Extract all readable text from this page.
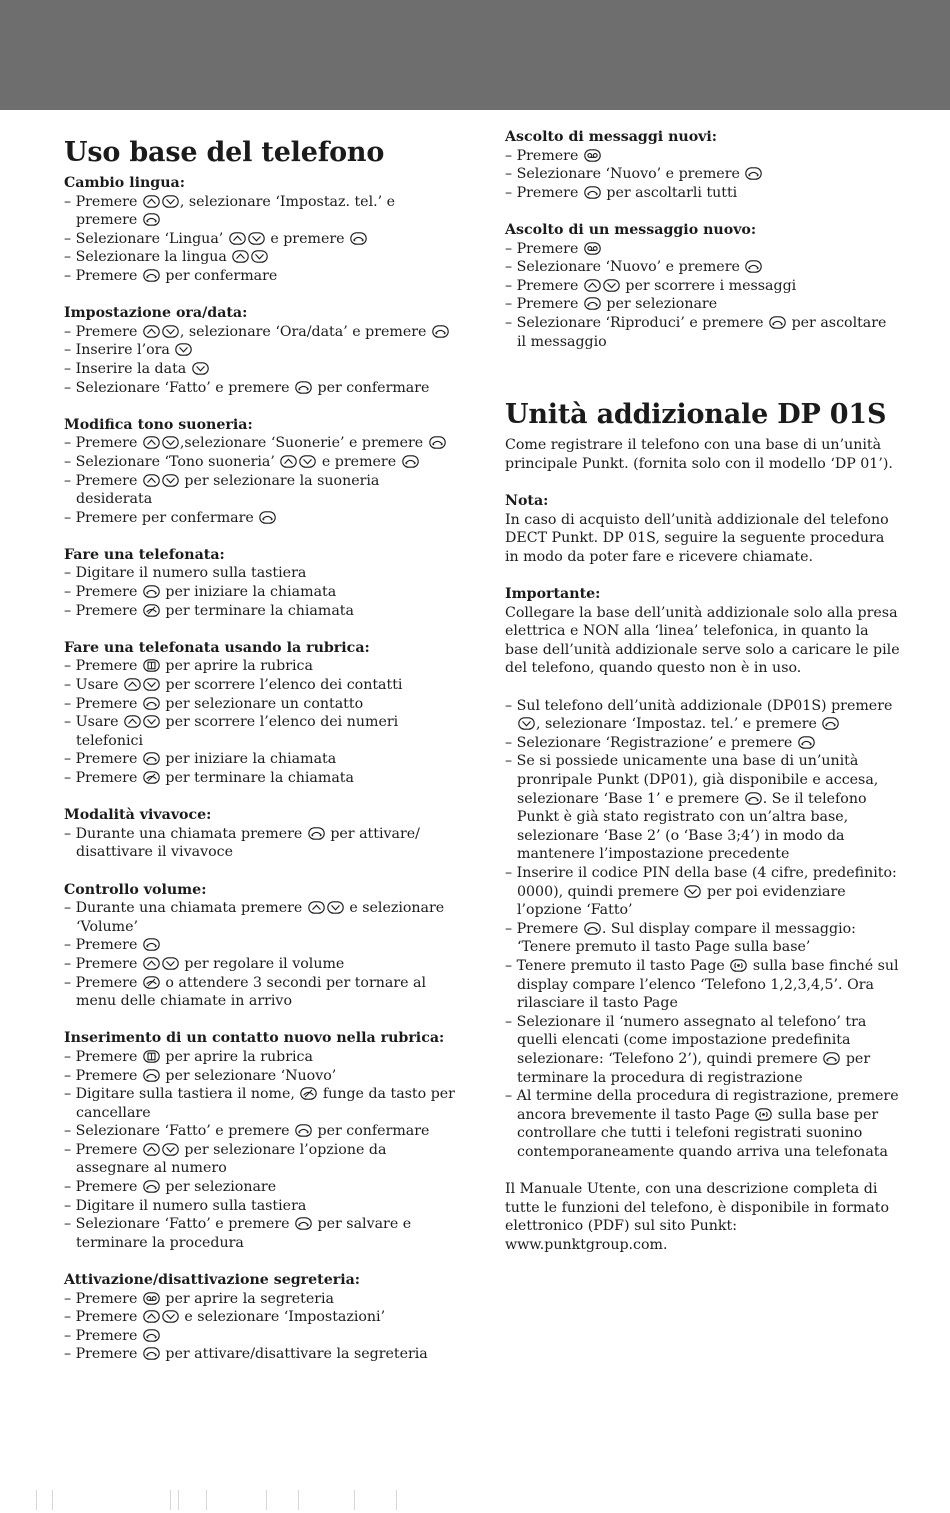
Uso base del telefono

Cambio lingua:

– Premere	, selezionare ‘Impostaz. tel.’ e premere
– Selezionare ‘Lingua’	e premere
– Selezionare la lingua
– Premere
per confermare

Impostazione ora/data:

– Premere	, selezionare ‘Ora/data’ e premere
– Inserire l’ora
– Inserire la data
– Selezionare ‘Fatto’ e premere
per confermare

Modifica tono suoneria:

– Premere	,selezionare ‘Suonerie’ e premere
– Selezionare ‘Tono suoneria’	e premere
– Premere	per selezionare la suoneria desiderata
– Premere per confermare

Fare una telefonata:

– Digitare il numero sulla tastiera
– Premere
per iniziare la chiamata
– Premere
per terminare la chiamata

Fare una telefonata usando la rubrica:

– Premere
per aprire la rubrica
– Usare	per scorrere l’elenco dei contatti
– Premere
per selezionare un contatto
– Usare	per scorrere l’elenco dei numeri telefonici
– Premere
per iniziare la chiamata
– Premere
per terminare la chiamata

Modalità vivavoce:

– Durante una chiamata premere
per attivare/ disattivare il vivavoce

Controllo volume:

– Durante una chiamata premere	e selezionare ‘Volume’
– Premere
– Premere	per regolare il volume
– Premere
o attendere 3 secondi per tornare al menu delle chiamate in arrivo

Inserimento di un contatto nuovo nella rubrica:

– Premere
per aprire la rubrica
– Premere
per selezionare ‘Nuovo’
– Digitare sulla tastiera il nome,
funge da tasto per cancellare
– Selezionare ‘Fatto’ e premere
per confermare
– Premere	per selezionare l’opzione da assegnare al numero
– Premere
per selezionare
– Digitare il numero sulla tastiera
– Selezionare ‘Fatto’ e premere
per salvare e terminare la procedura

Attivazione/disattivazione segreteria:

– Premere
per aprire la segreteria
– Premere	e selezionare ‘Impostazioni’
– Premere
– Premere
per attivare/disattivare la segreteria

Ascolto di messaggi nuovi:

– Premere
– Selezionare ‘Nuovo’ e premere
– Premere
per ascoltarli tutti

Ascolto di un messaggio nuovo:

– Premere
– Selezionare ‘Nuovo’ e premere
– Premere	per scorrere i messaggi
– Premere
per selezionare
– Selezionare ‘Riproduci’ e premere
per ascoltare il messaggio
Unità addizionale DP 01S

Come registrare il telefono con una base di un’unità principale Punkt. (fornita solo con il modello ‘DP 01’).

Nota:

In caso di acquisto dell’unità addizionale del telefono DECT Punkt. DP 01S, seguire la seguente procedura in modo da poter fare e ricevere chiamate.

Importante:

Collegare la base dell’unità addizionale solo alla presa elettrica e NON alla ‘linea’ telefonica, in quanto la base dell’unità addizionale serve solo a caricare le pile del telefono, quando questo non è in uso.

– Sul telefono dell’unità addizionale (DP01S) premere
, selezionare ‘Impostaz. tel.’ e premere
– Selezionare ‘Registrazione’ e premere
– Se si possiede unicamente una base di un’unità pronripale Punkt (DP01), già disponibile e accesa, selezionare ‘Base 1’ e premere
. Se il telefono Punkt è già stato registrato con un’altra base, selezionare ‘Base 2’ (o ‘Base 3;4’) in modo da mantenere l’impostazione precedente
– Inserire il codice PIN della base (4 cifre, predefinito: 0000), quindi premere
per poi evidenziare l’opzione ‘Fatto’
– Premere
. Sul display compare il messaggio: ‘Tenere premuto il tasto Page sulla base’
– Tenere premuto il tasto Page
sulla base finché sul display compare l’elenco ‘Telefono 1,2,3,4,5’. Ora rilasciare il tasto Page
– Selezionare il ‘numero assegnato al telefono’ tra quelli elencati (come impostazione predefinita selezionare: ‘Telefono 2’), quindi premere
per terminare la procedura di registrazione
– Al termine della procedura di registrazione, premere ancora brevemente il tasto Page
sulla base per controllare che tutti i telefoni registrati suonino contemporaneamente quando arriva una telefonata

Il Manuale Utente, con una descrizione completa di tutte le funzioni del telefono, è disponibile in formato elettronico (PDF) sul sito Punkt: www.punktgroup.com.
